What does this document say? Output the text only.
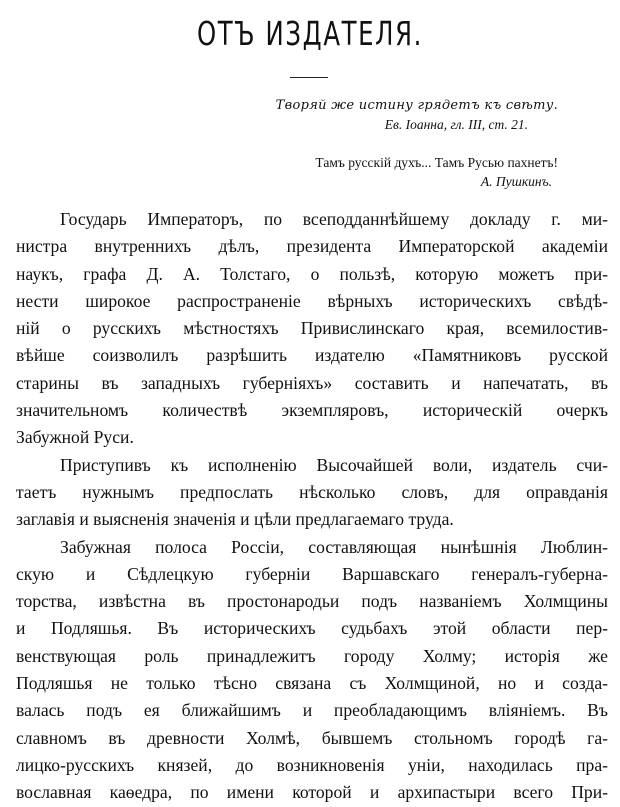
ОТЪ ИЗДАТЕЛЯ.
Творяй же истину грядетъ къ свѣту.
Ев. Іоанна, гл. III, ст. 21.
Тамъ русскій духъ... Тамъ Русью пахнетъ!
А. Пушкинъ.

Государь Императоръ, по всеподданнѣйшему докладу г. ми-
нистра внутреннихъ дѣлъ, президента Императорской академіи
наукъ, графа Д. А. Толстаго, о пользѣ, которую можетъ при-
нести широкое распространеніе вѣрныхъ историческихъ свѣдѣ-
ній о русскихъ мѣстностяхъ Привислинскаго края, всемилостив-
вѣйше соизволилъ разрѣшить издателю «Памятниковъ русской
старины въ западныхъ губерніяхъ» составить и напечатать, въ
значительномъ количествѣ экземпляровъ, историческій очеркъ
Забужной Руси.

Приступивъ къ исполненію Высочайшей воли, издатель счи-
таетъ нужнымъ предпослать нѣсколько словъ, для оправданія
заглавія и выясненія значенія и цѣли предлагаемаго труда.

Забужная полоса Россіи, составляющая нынѣшнія Люблин-
скую и Сѣдлецкую губерніи Варшавскаго генералъ-губерна-
торства, извѣстна въ простонародьи подъ названіемъ Холмщины
и Подляшья. Въ историческихъ судьбахъ этой области пер-
венствующая роль принадлежитъ городу Холму; исторія же
Подляшья не только тѣсно связана съ Холмщиной, но и созда-
валась подъ ея ближайшимъ и преобладающимъ вліяніемъ. Въ
славномъ въ древности Холмѣ, бывшемъ стольномъ городѣ га-
лицко-русскихъ князей, до возникновенія уніи, находилась пра-
вославная каѳедра, по имени которой и архипастыри всего При-
